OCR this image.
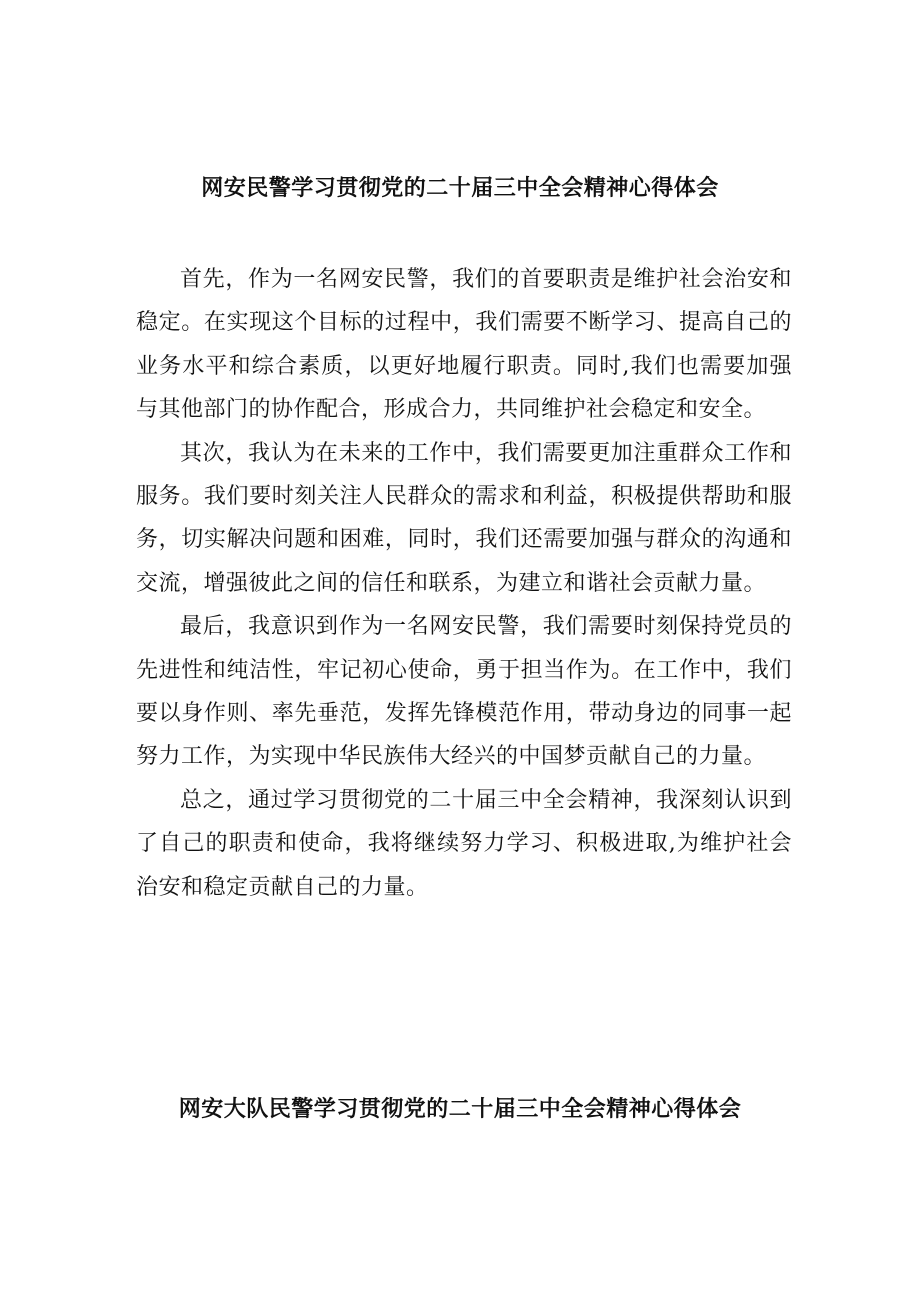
网安民警学习贯彻党的二十届三中全会精神心得体会

首先，作为一名网安民警，我们的首要职责是维护社会治安和稳定。在实现这个目标的过程中，我们需要不断学习、提高自己的业务水平和综合素质，以更好地履行职责。同时,我们也需要加强与其他部门的协作配合，形成合力，共同维护社会稳定和安全。

其次，我认为在未来的工作中，我们需要更加注重群众工作和服务。我们要时刻关注人民群众的需求和利益，积极提供帮助和服务，切实解决问题和困难，同时，我们还需要加强与群众的沟通和交流，增强彼此之间的信任和联系，为建立和谐社会贡献力量。

最后，我意识到作为一名网安民警，我们需要时刻保持党员的先进性和纯洁性，牢记初心使命，勇于担当作为。在工作中，我们要以身作则、率先垂范，发挥先锋模范作用，带动身边的同事一起努力工作，为实现中华民族伟大经兴的中国梦贡献自己的力量。

总之，通过学习贯彻党的二十届三中全会精神，我深刻认识到了自己的职责和使命，我将继续努力学习、积极进取,为维护社会治安和稳定贡献自己的力量。

网安大队民警学习贯彻党的二十届三中全会精神心得体会
